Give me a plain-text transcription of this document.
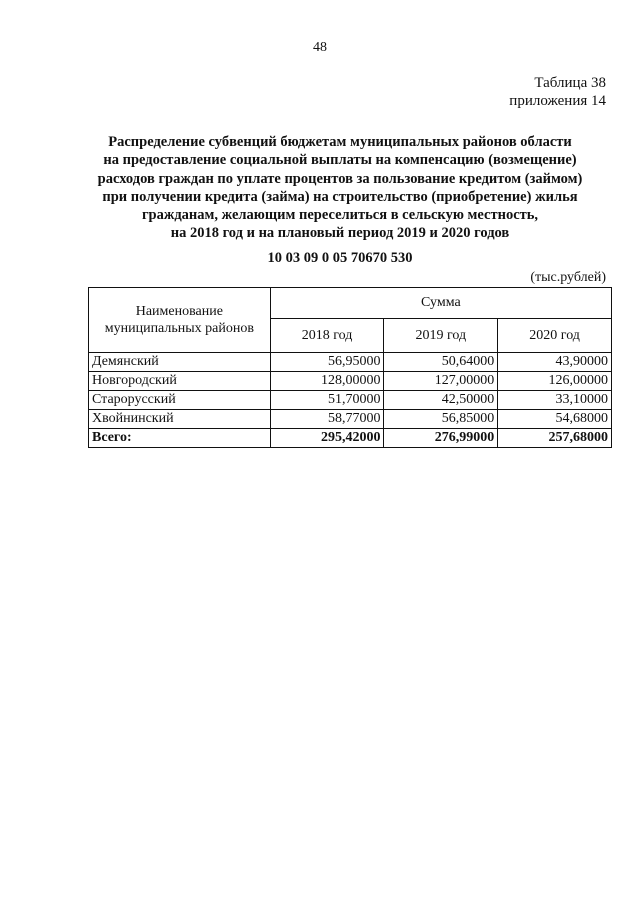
48
Таблица 38
приложения 14
Распределение субвенций бюджетам муниципальных районов области
на предоставление социальной выплаты на компенсацию (возмещение)
расходов граждан по уплате процентов за пользование кредитом (займом)
при получении кредита (займа) на строительство (приобретение) жилья
гражданам, желающим переселиться в сельскую местность,
на 2018 год и на плановый период 2019 и 2020 годов
10 03 09 0 05 70670 530
(тыс.рублей)
Наименование муниципальных районов	Сумма		
	2018 год	2019 год	2020 год
Демянский	56,95000	50,64000	43,90000
Новгородский	128,00000	127,00000	126,00000
Старорусский	51,70000	42,50000	33,10000
Хвойнинский	58,77000	56,85000	54,68000
Всего:	295,42000	276,99000	257,68000
